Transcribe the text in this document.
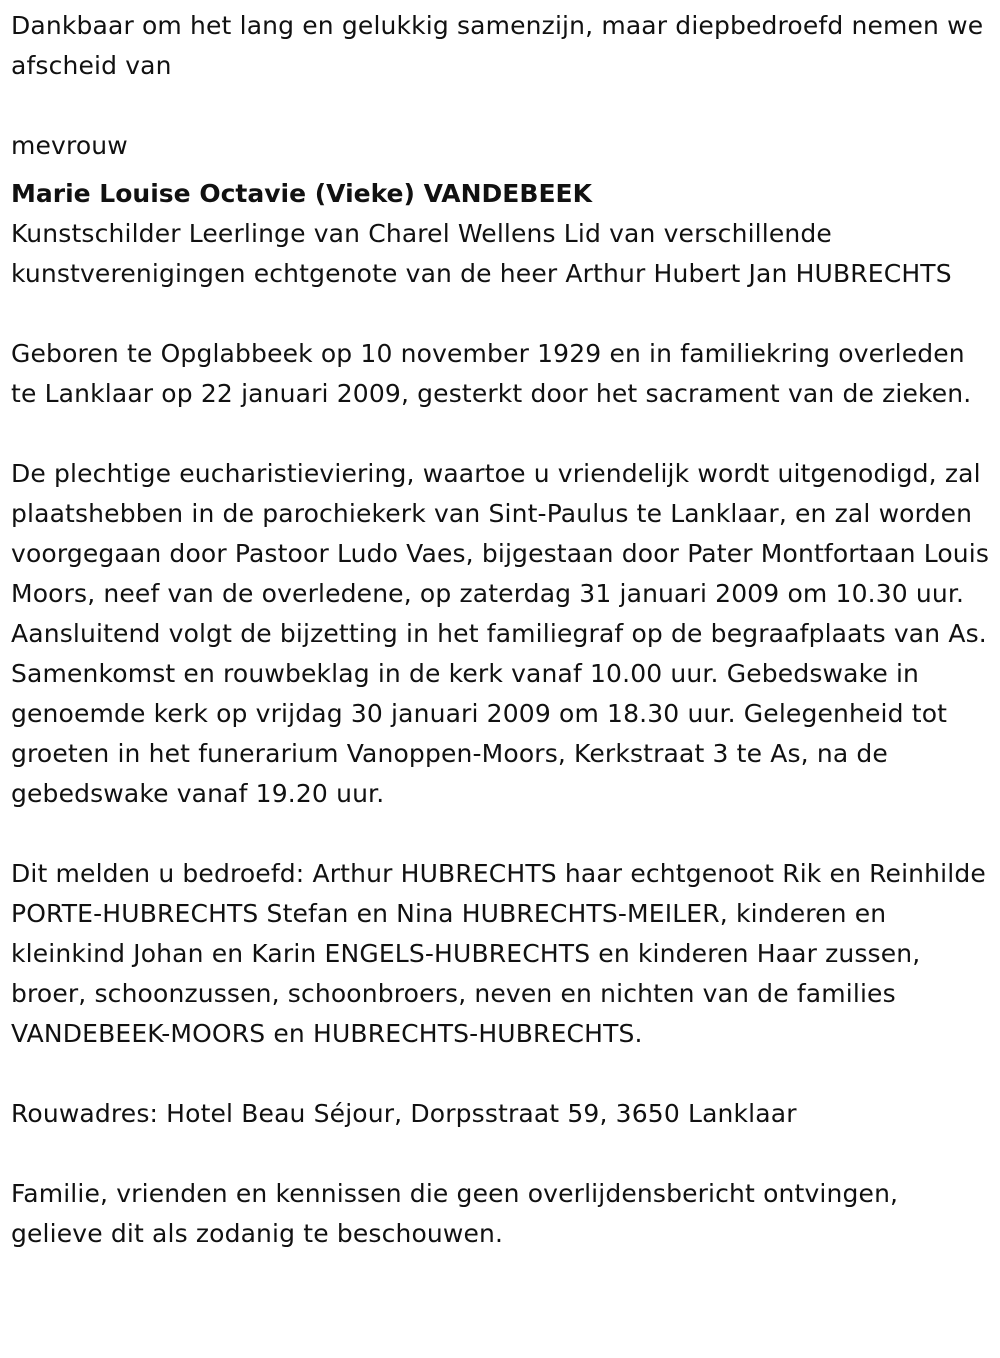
Dankbaar om het lang en gelukkig samenzijn, maar diepbedroefd nemen we afscheid van

mevrouw

Marie Louise Octavie (Vieke) VANDEBEEK

Kunstschilder Leerlinge van Charel Wellens Lid van verschillende kunstverenigingen echtgenote van de heer Arthur Hubert Jan HUBRECHTS

Geboren te Opglabbeek op 10 november 1929 en in familiekring overleden te Lanklaar op 22 januari 2009, gesterkt door het sacrament van de zieken.

De plechtige eucharistieviering, waartoe u vriendelijk wordt uitgenodigd, zal plaatshebben in de parochiekerk van Sint-Paulus te Lanklaar, en zal worden voorgegaan door Pastoor Ludo Vaes, bijgestaan door Pater Montfortaan Louis Moors, neef van de overledene, op zaterdag 31 januari 2009 om 10.30 uur. Aansluitend volgt de bijzetting in het familiegraf op de begraafplaats van As. Samenkomst en rouwbeklag in de kerk vanaf 10.00 uur. Gebedswake in genoemde kerk op vrijdag 30 januari 2009 om 18.30 uur. Gelegenheid tot groeten in het funerarium Vanoppen-Moors, Kerkstraat 3 te As, na de gebedswake vanaf 19.20 uur.

Dit melden u bedroefd: Arthur HUBRECHTS haar echtgenoot Rik en Reinhilde PORTE-HUBRECHTS Stefan en Nina HUBRECHTS-MEILER, kinderen en kleinkind Johan en Karin ENGELS-HUBRECHTS en kinderen Haar zussen, broer, schoonzussen, schoonbroers, neven en nichten van de families VANDEBEEK-MOORS en HUBRECHTS-HUBRECHTS.

Rouwadres: Hotel Beau Séjour, Dorpsstraat 59, 3650 Lanklaar

Familie, vrienden en kennissen die geen overlijdensbericht ontvingen, gelieve dit als zodanig te beschouwen.
